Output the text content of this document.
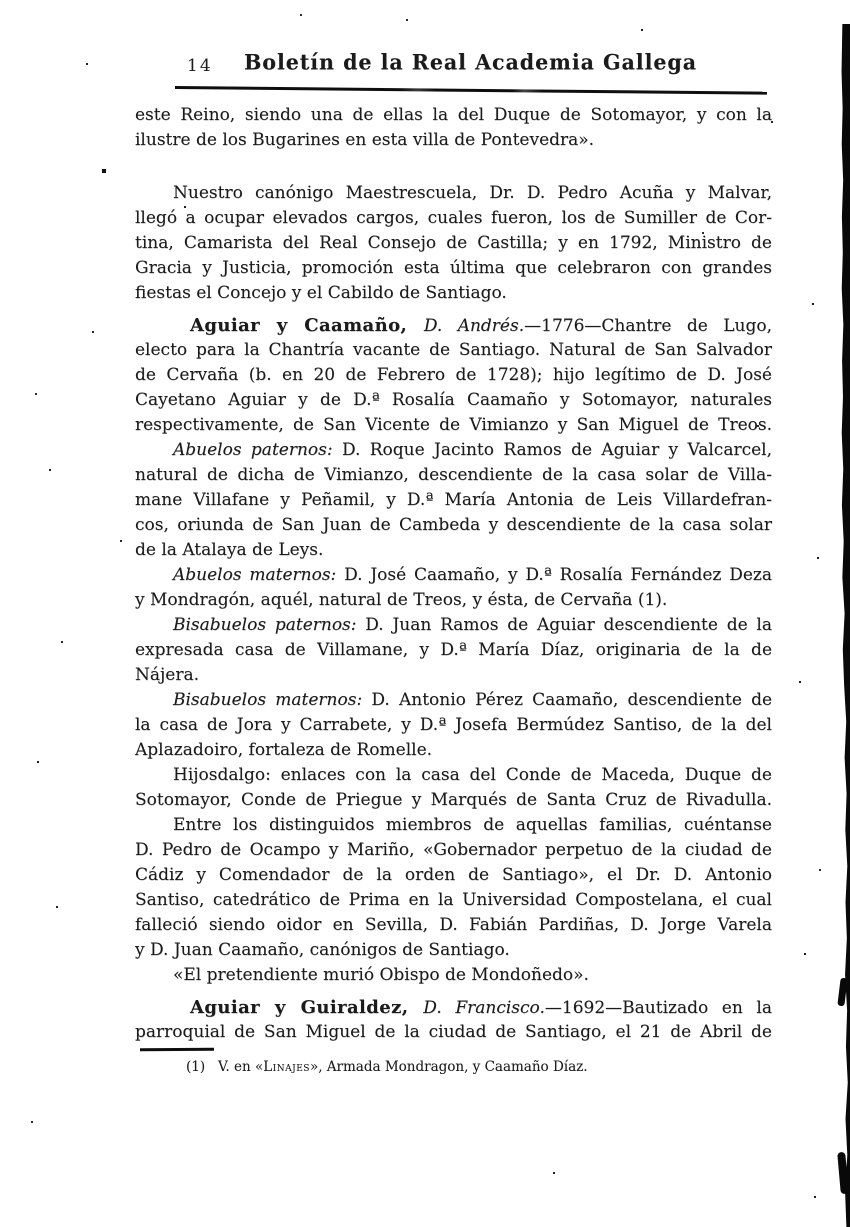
14 Boletín de la Real Academia Gallega
este Reino, siendo una de ellas la del Duque de Sotomayor, y con la
ilustre de los Bugarines en esta villa de Pontevedra».
Nuestro canónigo Maestrescuela, Dr. D. Pedro Acuña y Malvar,
llegó a ocupar elevados cargos, cuales fueron, los de Sumiller de Cor-
tina, Camarista del Real Consejo de Castilla; y en 1792, Ministro de
Gracia y Justicia, promoción esta última que celebraron con grandes
fiestas el Concejo y el Cabildo de Santiago.
Aguiar y Caamaño, D. Andrés.—1776—Chantre de Lugo,
electo para la Chantría vacante de Santiago. Natural de San Salvador
de Cervaña (b. en 20 de Febrero de 1728); hijo legítimo de D. José
Cayetano Aguiar y de D.ª Rosalía Caamaño y Sotomayor, naturales
respectivamente, de San Vicente de Vimianzo y San Miguel de Treos.
Abuelos paternos: D. Roque Jacinto Ramos de Aguiar y Valcarcel,
natural de dicha de Vimianzo, descendiente de la casa solar de Villa-
mane Villafane y Peñamil, y D.ª María Antonia de Leis Villardefran-
cos, oriunda de San Juan de Cambeda y descendiente de la casa solar
de la Atalaya de Leys.
Abuelos maternos: D. José Caamaño, y D.ª Rosalía Fernández Deza
y Mondragón, aquél, natural de Treos, y ésta, de Cervaña (1).
Bisabuelos paternos: D. Juan Ramos de Aguiar descendiente de la
expresada casa de Villamane, y D.ª María Díaz, originaria de la de
Nájera.
Bisabuelos maternos: D. Antonio Pérez Caamaño, descendiente de
la casa de Jora y Carrabete, y D.ª Josefa Bermúdez Santiso, de la del
Aplazadoiro, fortaleza de Romelle.
Hijosdalgo: enlaces con la casa del Conde de Maceda, Duque de
Sotomayor, Conde de Priegue y Marqués de Santa Cruz de Rivadulla.
Entre los distinguidos miembros de aquellas familias, cuéntanse
D. Pedro de Ocampo y Mariño, «Gobernador perpetuo de la ciudad de
Cádiz y Comendador de la orden de Santiago», el Dr. D. Antonio
Santiso, catedrático de Prima en la Universidad Compostelana, el cual
falleció siendo oidor en Sevilla, D. Fabián Pardiñas, D. Jorge Varela
y D. Juan Caamaño, canónigos de Santiago.
«El pretendiente murió Obispo de Mondoñedo».
Aguiar y Guiraldez, D. Francisco.—1692—Bautizado en la
parroquial de San Miguel de la ciudad de Santiago, el 21 de Abril de
(1)   V. en «Linajes», Armada Mondragon, y Caamaño Díaz.
